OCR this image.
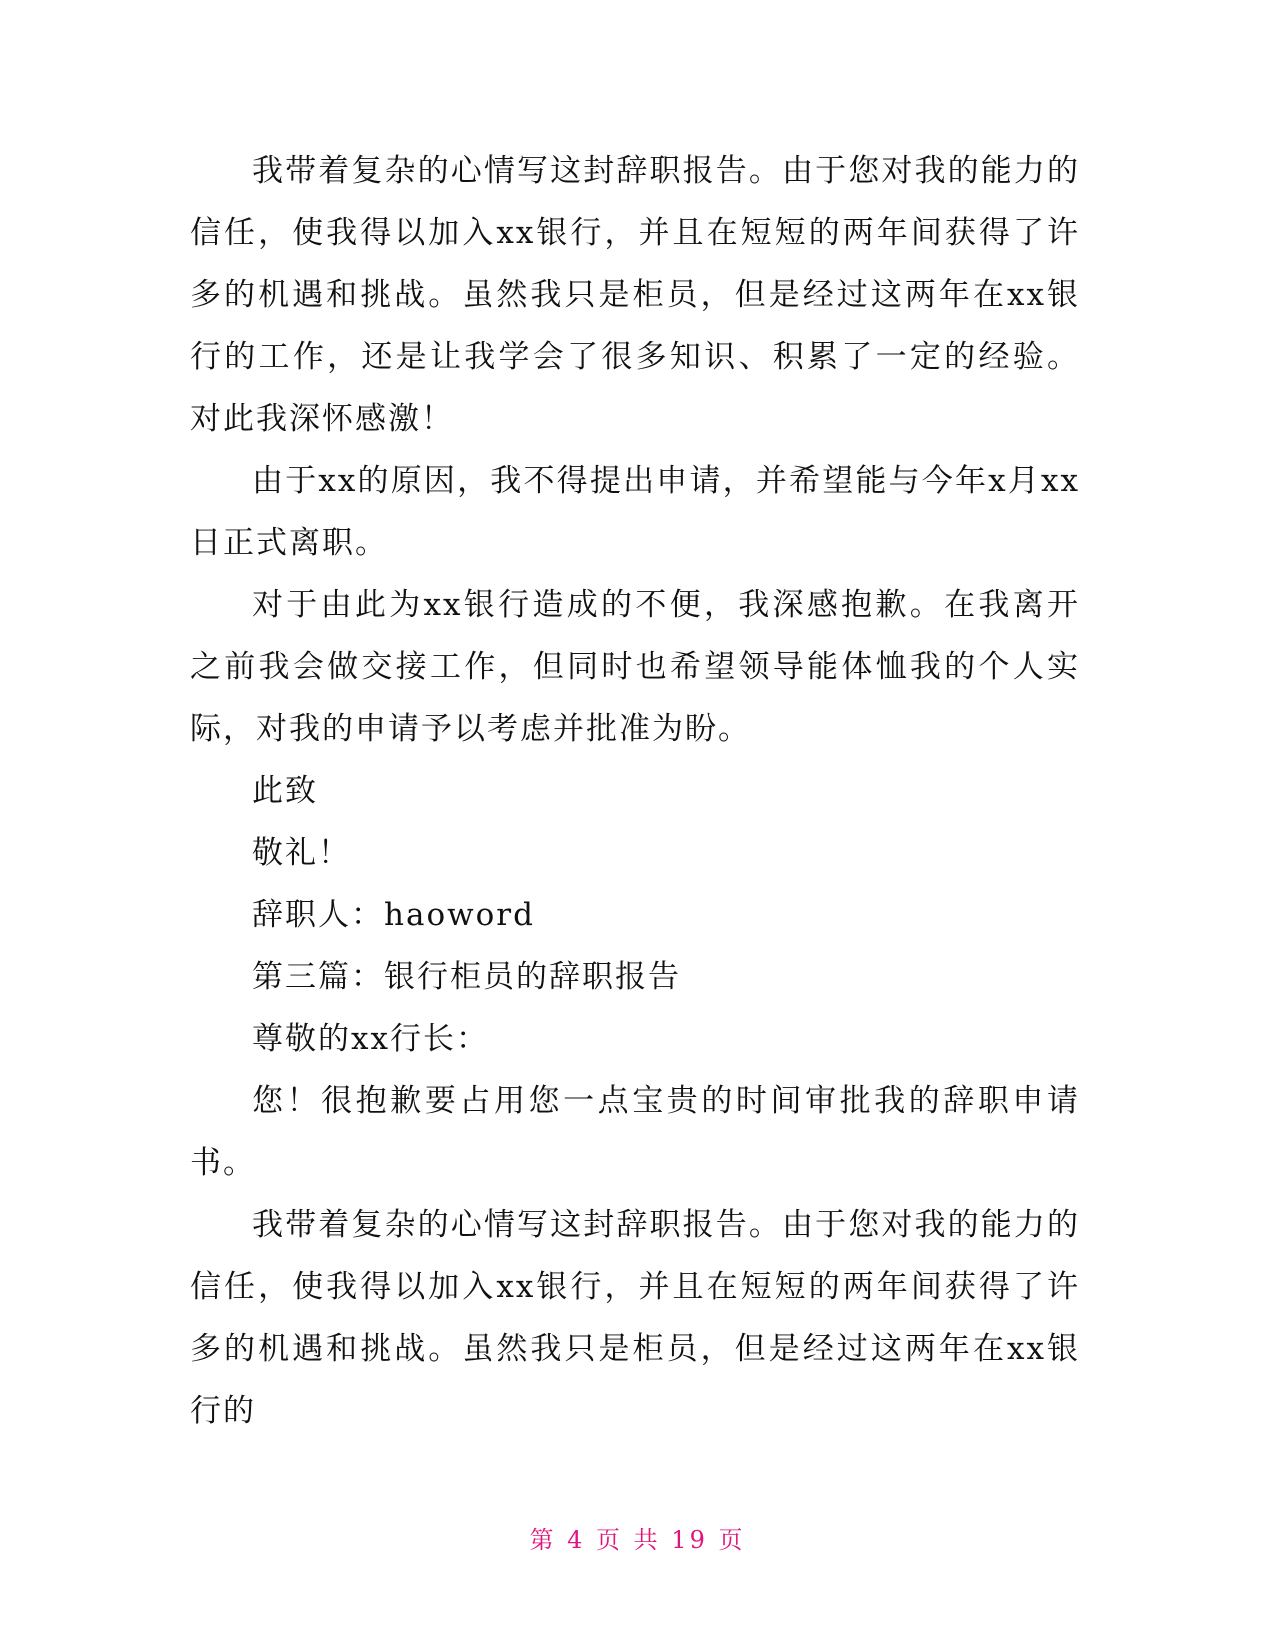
我带着复杂的心情写这封辞职报告。由于您对我的能力的信任，使我得以加入xx银行，并且在短短的两年间获得了许多的机遇和挑战。虽然我只是柜员，但是经过这两年在xx银行的工作，还是让我学会了很多知识、积累了一定的经验。对此我深怀感激！

由于xx的原因，我不得提出申请，并希望能与今年x月xx日正式离职。

对于由此为xx银行造成的不便，我深感抱歉。在我离开之前我会做交接工作，但同时也希望领导能体恤我的个人实际，对我的申请予以考虑并批准为盼。

此致

敬礼！

辞职人：haoword

第三篇：银行柜员的辞职报告

尊敬的xx行长：

您！很抱歉要占用您一点宝贵的时间审批我的辞职申请书。

我带着复杂的心情写这封辞职报告。由于您对我的能力的信任，使我得以加入xx银行，并且在短短的两年间获得了许多的机遇和挑战。虽然我只是柜员，但是经过这两年在xx银行的

第 4 页 共 19 页
